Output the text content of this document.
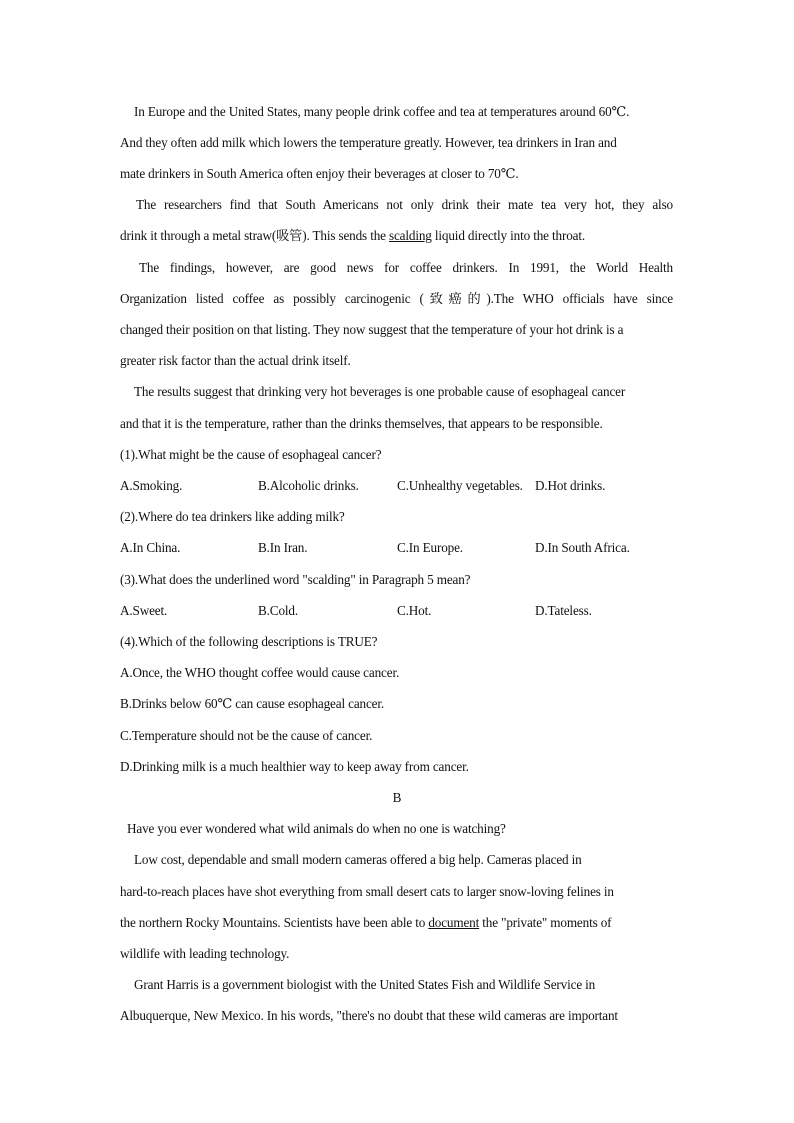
In Europe and the United States, many people drink coffee and tea at temperatures around 60℃.
And they often add milk which lowers the temperature greatly. However, tea drinkers in Iran and
mate drinkers in South America often enjoy their beverages at closer to 70℃.
The researchers find that South Americans not only drink their mate tea very hot, they also
drink it through a metal straw(吸管). This sends the scalding liquid directly into the throat.
The findings, however, are good news for coffee drinkers. In 1991, the World Health
Organization listed coffee as possibly carcinogenic (致癌的).The WHO officials have since
changed their position on that listing. They now suggest that the temperature of your hot drink is a
greater risk factor than the actual drink itself.
The results suggest that drinking very hot beverages is one probable cause of esophageal cancer
and that it is the temperature, rather than the drinks themselves, that appears to be responsible.
(1).What might be the cause of esophageal cancer?
A.Smoking.	B.Alcoholic drinks.	C.Unhealthy vegetables. D.Hot drinks.
(2).Where do tea drinkers like adding milk?
A.In China.	B.In Iran.	C.In Europe.	D.In South Africa.
(3).What does the underlined word "scalding" in Paragraph 5 mean?
A.Sweet.	B.Cold.	C.Hot.	D.Tateless.
(4).Which of the following descriptions is TRUE?
A.Once, the WHO thought coffee would cause cancer.
B.Drinks below 60℃ can cause esophageal cancer.
C.Temperature should not be the cause of cancer.
D.Drinking milk is a much healthier way to keep away from cancer.
B
Have you ever wondered what wild animals do when no one is watching?
Low cost, dependable and small modern cameras offered a big help. Cameras placed in
hard-to-reach places have shot everything from small desert cats to larger snow-loving felines in
the northern Rocky Mountains. Scientists have been able to document the "private" moments of
wildlife with leading technology.
Grant Harris is a government biologist with the United States Fish and Wildlife Service in
Albuquerque, New Mexico. In his words, "there's no doubt that these wild cameras are important
